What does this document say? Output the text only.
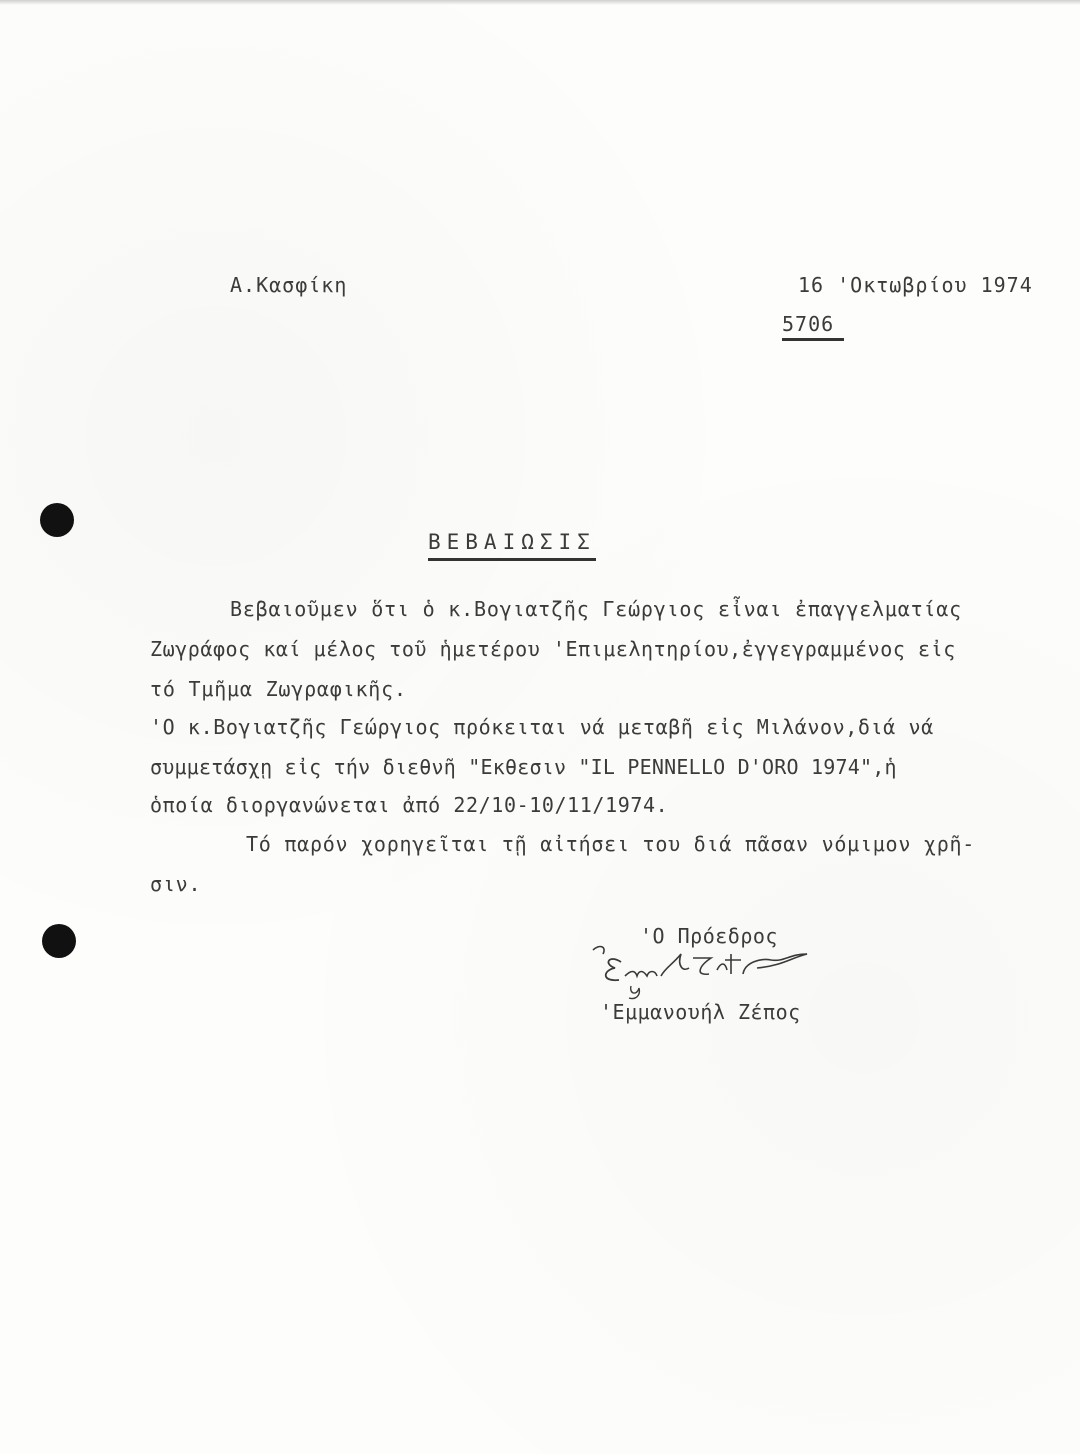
Α.Κασφίκη	16 'Οκτωβρίου 1974
5706
ΒΕΒΑΙΩΣΙΣ
Βεβαιοῦμεν ὅτι ὁ κ.Βογιατζῆς Γεώργιος εἶναι ἐπαγγελματίας
Ζωγράφος καί μέλος τοῦ ἡμετέρου 'Επιμελητηρίου,ἐγγεγραμμένος εἰς
τό Τμῆμα Ζωγραφικῆς.
'Ο κ.Βογιατζῆς Γεώργιος πρόκειται νά μεταβῆ εἰς Μιλάνον,διά νά
συμμετάσχῃ εἰς τήν διεθνῆ "Εκθεσιν "IL PENNELLO D'ORO 1974",ἡ
ὁποία διοργανώνεται ἀπό 22/10-10/11/1974.
Τό παρόν χορηγεῖται τῇ αἰτήσει του διά πᾶσαν νόμιμον χρῆ-
σιν.
'Ο Πρόεδρος
'Εμμανουήλ Ζέπος
